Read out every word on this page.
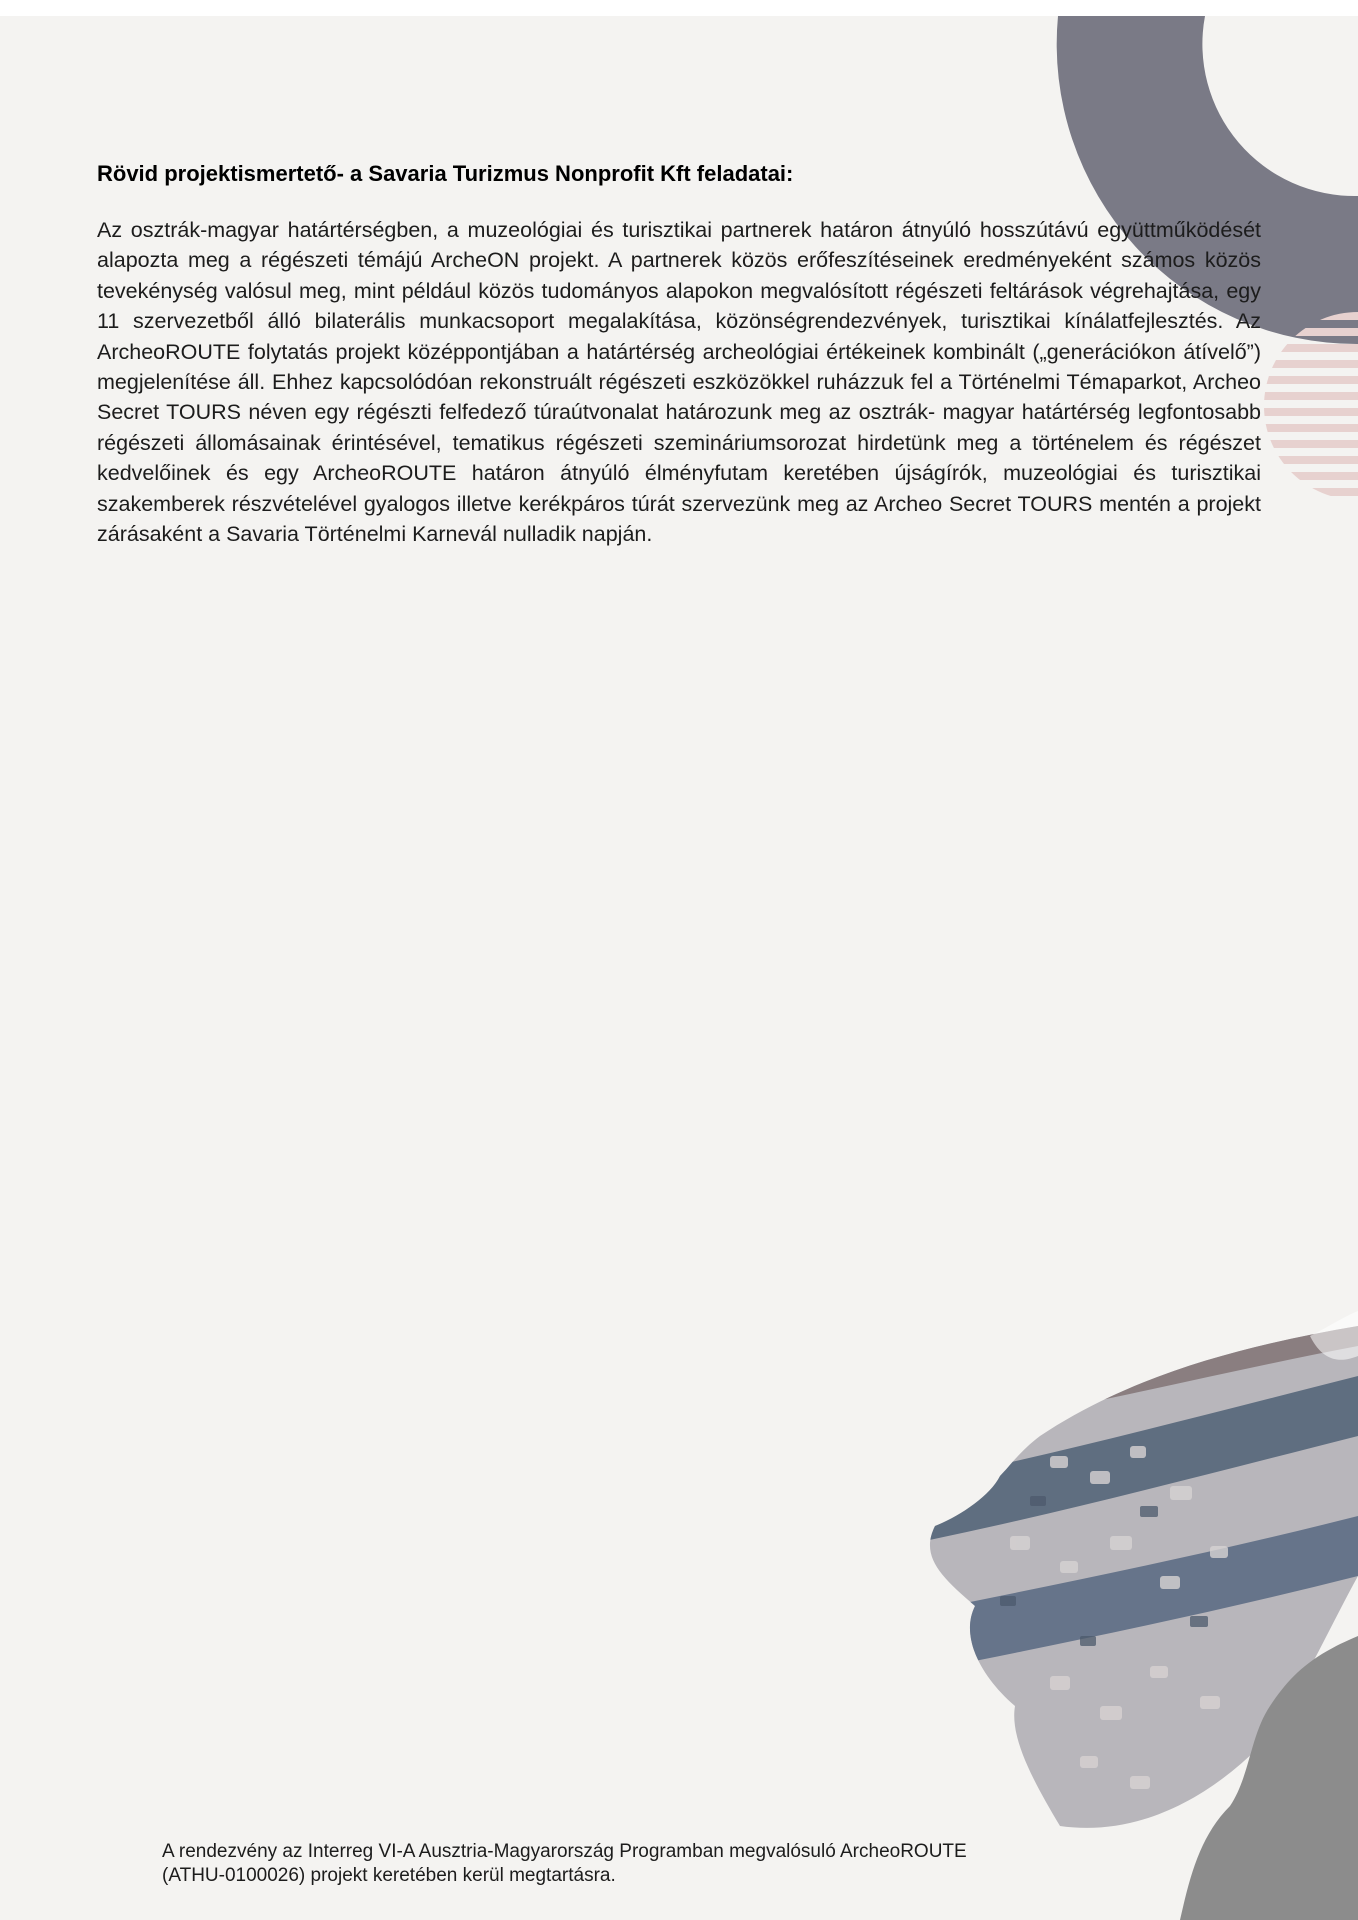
Rövid projektismertető- a Savaria Turizmus Nonprofit Kft feladatai:

Az osztrák-magyar határtérségben, a muzeológiai és turisztikai partnerek határon átnyúló hosszútávú együttműködését alapozta meg a régészeti témájú ArcheON projekt. A partnerek közös erőfeszítéseinek eredményeként számos közös tevekénység valósul meg, mint például közös tudományos alapokon megvalósított régészeti feltárások végrehajtása, egy 11 szervezetből álló bilaterális munkacsoport megalakítása, közönségrendezvények, turisztikai kínálatfejlesztés. Az ArcheoROUTE folytatás projekt középpontjában a határtérség archeológiai értékeinek kombinált („generációkon átívelő”) megjelenítése áll. Ehhez kapcsolódóan rekonstruált régészeti eszközökkel ruházzuk fel a Történelmi Témaparkot, Archeo Secret TOURS néven egy régészti felfedező túraútvonalat határozunk meg az osztrák- magyar határtérség legfontosabb régészeti állomásainak érintésével, tematikus régészeti szemináriumsorozat hirdetünk meg a történelem és régészet kedvelőinek és egy ArcheoROUTE határon átnyúló élményfutam keretében újságírók, muzeológiai és turisztikai szakemberek részvételével gyalogos illetve kerékpáros túrát szervezünk meg az Archeo Secret TOURS mentén a projekt zárásaként a Savaria Történelmi Karnevál nulladik napján.

A rendezvény az Interreg VI-A Ausztria-Magyarország Programban megvalósuló ArcheoROUTE
(ATHU-0100026) projekt keretében kerül megtartásra.
